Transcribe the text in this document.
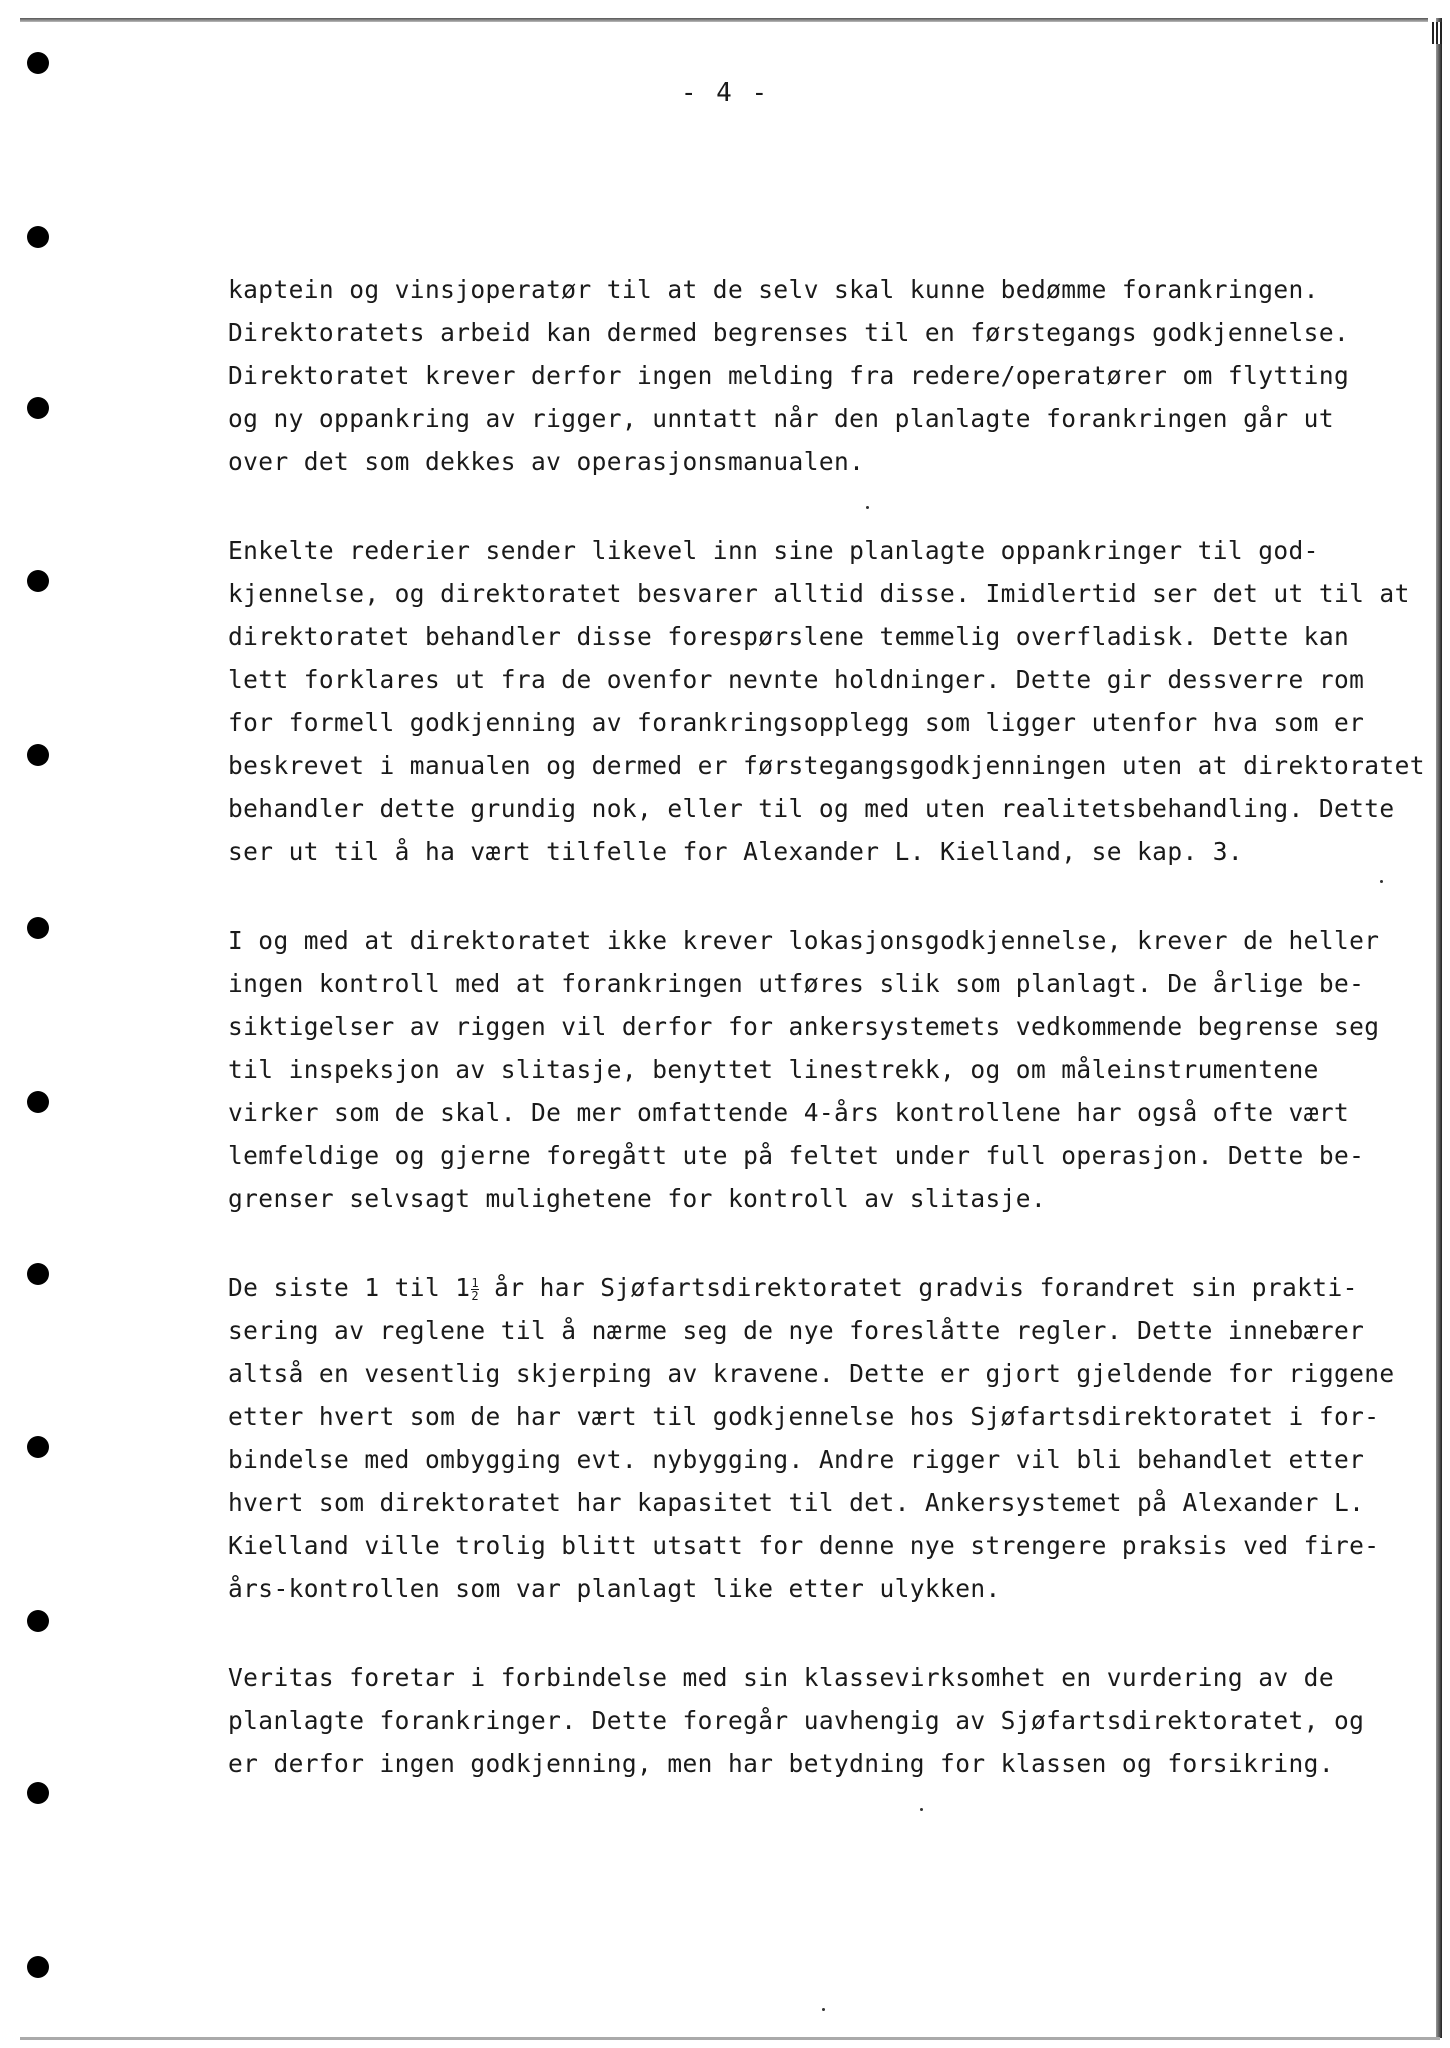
- 4 -
kaptein og vinsjoperatør til at de selv skal kunne bedømme forankringen.
Direktoratets arbeid kan dermed begrenses til en førstegangs godkjennelse.
Direktoratet krever derfor ingen melding fra redere/operatører om flytting
og ny oppankring av rigger, unntatt når den planlagte forankringen går ut
over det som dekkes av operasjonsmanualen.
Enkelte rederier sender likevel inn sine planlagte oppankringer til god-
kjennelse, og direktoratet besvarer alltid disse. Imidlertid ser det ut til at
direktoratet behandler disse forespørslene temmelig overfladisk. Dette kan
lett forklares ut fra de ovenfor nevnte holdninger. Dette gir dessverre rom
for formell godkjenning av forankringsopplegg som ligger utenfor hva som er
beskrevet i manualen og dermed er førstegangsgodkjenningen uten at direktoratet
behandler dette grundig nok, eller til og med uten realitetsbehandling. Dette
ser ut til å ha vært tilfelle for Alexander L. Kielland, se kap. 3.
I og med at direktoratet ikke krever lokasjonsgodkjennelse, krever de heller
ingen kontroll med at forankringen utføres slik som planlagt. De årlige be-
siktigelser av riggen vil derfor for ankersystemets vedkommende begrense seg
til inspeksjon av slitasje, benyttet linestrekk, og om måleinstrumentene
virker som de skal. De mer omfattende 4-års kontrollene har også ofte vært
lemfeldige og gjerne foregått ute på feltet under full operasjon. Dette be-
grenser selvsagt mulighetene for kontroll av slitasje.
De siste 1 til $1 \frac{1}{2}$ år har Sjøfartsdirektoratet gradvis forandret sin prakti-
sering av reglene til å nærme seg de nye foreslåtte regler. Dette innebærer
altså en vesentlig skjerping av kravene. Dette er gjort gjeldende for riggene
etter hvert som de har vært til godkjennelse hos Sjøfartsdirektoratet i for-
bindelse med ombygging evt. nybygging. Andre rigger vil bli behandlet etter
hvert som direktoratet har kapasitet til det. Ankersystemet på Alexander L.
Kielland ville trolig blitt utsatt for denne nye strengere praksis ved fire-
års-kontrollen som var planlagt like etter ulykken.
Veritas foretar i forbindelse med sin klassevirksomhet en vurdering av de
planlagte forankringer. Dette foregår uavhengig av Sjøfartsdirektoratet, og
er derfor ingen godkjenning, men har betydning for klassen og forsikring.
